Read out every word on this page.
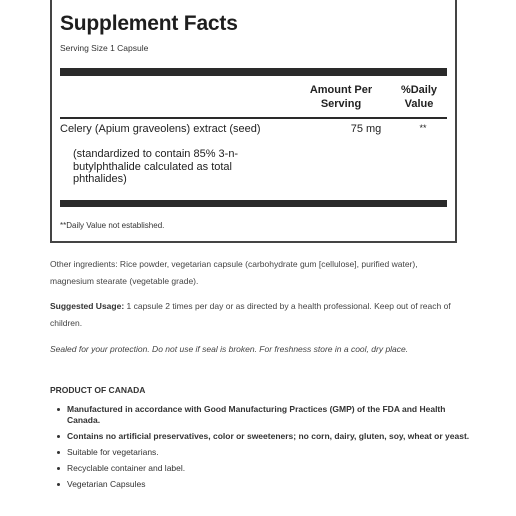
Supplement Facts
Serving Size 1 Capsule
Amount Per
Serving
%Daily
Value
Celery (Apium graveolens) extract (seed)
(standardized to contain 85% 3-n-butylphthalide calculated as total phthalides)
75 mg	**
**Daily Value not established.
Other ingredients: Rice powder, vegetarian capsule (carbohydrate gum [cellulose], purified water), magnesium stearate (vegetable grade).
Suggested Usage: 1 capsule 2 times per day or as directed by a health professional. Keep out of reach of children.
Sealed for your protection. Do not use if seal is broken. For freshness store in a cool, dry place.
PRODUCT OF CANADA
Manufactured in accordance with Good Manufacturing Practices (GMP) of the FDA and Health Canada.
Contains no artificial preservatives, color or sweeteners; no corn, dairy, gluten, soy, wheat or yeast.
Suitable for vegetarians.
Recyclable container and label.
Vegetarian Capsules
